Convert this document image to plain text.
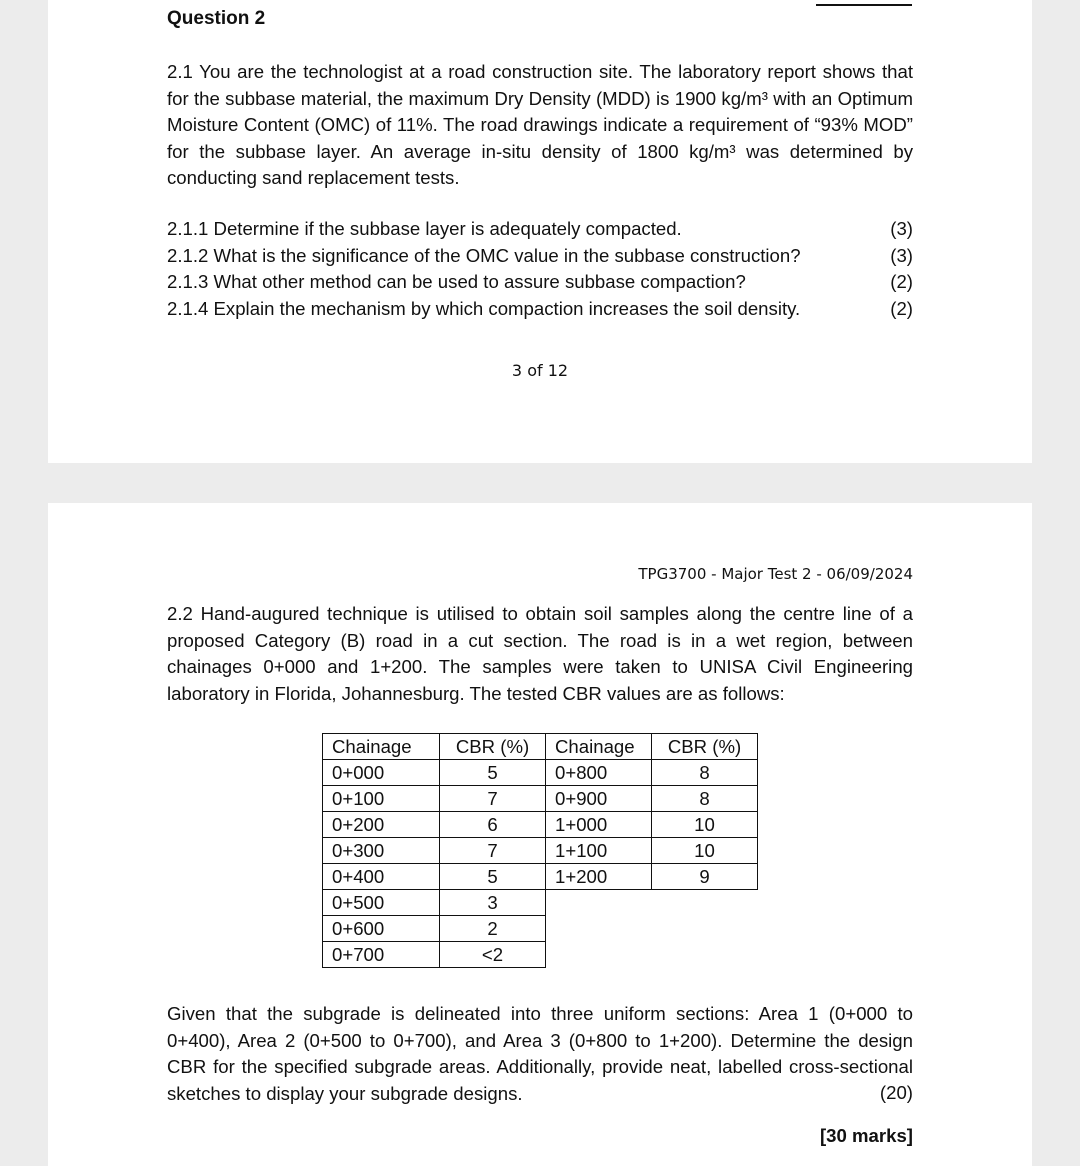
Question 2
2.1 You are the technologist at a road construction site. The laboratory report shows that for the subbase material, the maximum Dry Density (MDD) is 1900 kg/m³ with an Optimum Moisture Content (OMC) of 11%. The road drawings indicate a requirement of “93% MOD” for the subbase layer. An average in-situ density of 1800 kg/m³ was determined by conducting sand replacement tests.
2.1.1 Determine if the subbase layer is adequately compacted.	(3)
2.1.2 What is the significance of the OMC value in the subbase construction?	(3)
2.1.3 What other method can be used to assure subbase compaction?	(2)
2.1.4 Explain the mechanism by which compaction increases the soil density.	(2)
3 of 12
TPG3700 - Major Test 2 - 06/09/2024
2.2 Hand-augured technique is utilised to obtain soil samples along the centre line of a proposed Category (B) road in a cut section. The road is in a wet region, between chainages 0+000 and 1+200. The samples were taken to UNISA Civil Engineering laboratory in Florida, Johannesburg. The tested CBR values are as follows:
Chainage	CBR (%)	Chainage	CBR (%)
0+000	5	0+800	8
0+100	7	0+900	8
0+200	6	1+000	10
0+300	7	1+100	10
0+400	5	1+200	9
0+500	3		
0+600	2		
0+700	<2		
Given that the subgrade is delineated into three uniform sections: Area 1 (0+000 to 0+400), Area 2 (0+500 to 0+700), and Area 3 (0+800 to 1+200). Determine the design CBR for the specified subgrade areas. Additionally, provide neat, labelled cross-sectional sketches to display your subgrade designs.	(20)
[30 marks]
